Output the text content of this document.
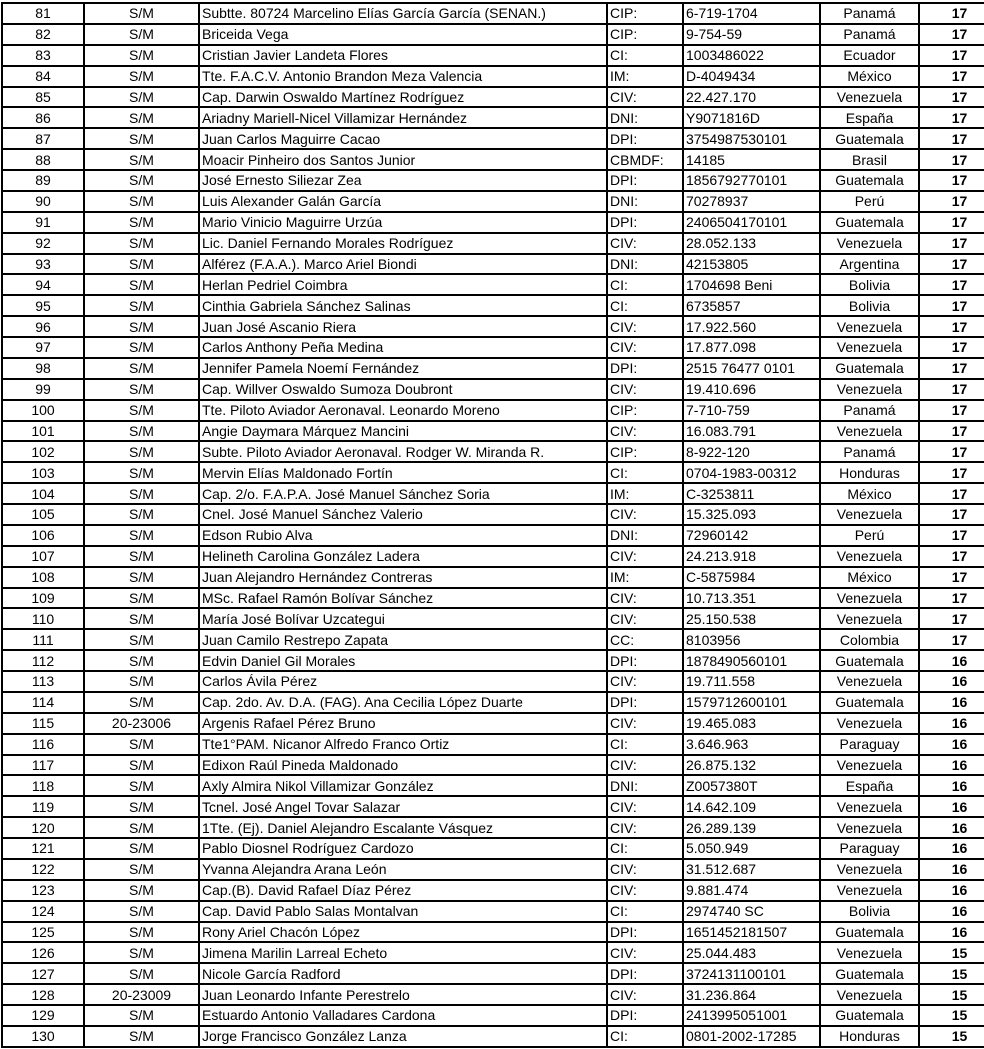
81	S/M	Subtte. 80724 Marcelino Elías García García (SENAN.)	CIP:	6-719-1704	Panamá	17
82	S/M	Briceida Vega	CIP:	9-754-59	Panamá	17
83	S/M	Cristian Javier Landeta Flores	CI:	1003486022	Ecuador	17
84	S/M	Tte. F.A.C.V. Antonio Brandon Meza Valencia	IM:	D-4049434	México	17
85	S/M	Cap. Darwin Oswaldo Martínez Rodríguez	CIV:	22.427.170	Venezuela	17
86	S/M	Ariadny Mariell-Nicel Villamizar Hernández	DNI:	Y9071816D	España	17
87	S/M	Juan Carlos Maguirre Cacao	DPI:	3754987530101	Guatemala	17
88	S/M	Moacir Pinheiro dos Santos Junior	CBMDF:	14185	Brasil	17
89	S/M	José Ernesto Siliezar Zea	DPI:	1856792770101	Guatemala	17
90	S/M	Luis Alexander Galán García	DNI:	70278937	Perú	17
91	S/M	Mario Vinicio Maguirre Urzúa	DPI:	2406504170101	Guatemala	17
92	S/M	Lic. Daniel Fernando Morales Rodríguez	CIV:	28.052.133	Venezuela	17
93	S/M	Alférez (F.A.A.). Marco Ariel Biondi	DNI:	42153805	Argentina	17
94	S/M	Herlan Pedriel Coimbra	CI:	1704698 Beni	Bolivia	17
95	S/M	Cinthia Gabriela Sánchez Salinas	CI:	6735857	Bolivia	17
96	S/M	Juan José Ascanio Riera	CIV:	17.922.560	Venezuela	17
97	S/M	Carlos Anthony Peña Medina	CIV:	17.877.098	Venezuela	17
98	S/M	Jennifer Pamela Noemí Fernández	DPI:	2515 76477 0101	Guatemala	17
99	S/M	Cap. Willver Oswaldo Sumoza Doubront	CIV:	19.410.696	Venezuela	17
100	S/M	Tte. Piloto Aviador Aeronaval. Leonardo Moreno	CIP:	7-710-759	Panamá	17
101	S/M	Angie Daymara Márquez Mancini	CIV:	16.083.791	Venezuela	17
102	S/M	Subte. Piloto Aviador Aeronaval. Rodger W. Miranda R.	CIP:	8-922-120	Panamá	17
103	S/M	Mervin Elías Maldonado Fortín	CI:	0704-1983-00312	Honduras	17
104	S/M	Cap. 2/o. F.A.P.A. José Manuel Sánchez Soria	IM:	C-3253811	México	17
105	S/M	Cnel. José Manuel Sánchez Valerio	CIV:	15.325.093	Venezuela	17
106	S/M	Edson Rubio Alva	DNI:	72960142	Perú	17
107	S/M	Helineth Carolina González Ladera	CIV:	24.213.918	Venezuela	17
108	S/M	Juan Alejandro Hernández Contreras	IM:	C-5875984	México	17
109	S/M	MSc. Rafael Ramón Bolívar Sánchez	CIV:	10.713.351	Venezuela	17
110	S/M	María José Bolívar Uzcategui	CIV:	25.150.538	Venezuela	17
111	S/M	Juan Camilo Restrepo Zapata	CC:	8103956	Colombia	17
112	S/M	Edvin Daniel Gil Morales	DPI:	1878490560101	Guatemala	16
113	S/M	Carlos Ávila Pérez	CIV:	19.711.558	Venezuela	16
114	S/M	Cap. 2do. Av. D.A. (FAG). Ana Cecilia López Duarte	DPI:	1579712600101	Guatemala	16
115	20-23006	Argenis Rafael Pérez Bruno	CIV:	19.465.083	Venezuela	16
116	S/M	Tte1°PAM. Nicanor Alfredo Franco Ortiz	CI:	3.646.963	Paraguay	16
117	S/M	Edixon Raúl Pineda Maldonado	CIV:	26.875.132	Venezuela	16
118	S/M	Axly Almira Nikol Villamizar González	DNI:	Z0057380T	España	16
119	S/M	Tcnel. José Angel Tovar Salazar	CIV:	14.642.109	Venezuela	16
120	S/M	1Tte. (Ej). Daniel Alejandro Escalante Vásquez	CIV:	26.289.139	Venezuela	16
121	S/M	Pablo Diosnel Rodríguez Cardozo	CI:	5.050.949	Paraguay	16
122	S/M	Yvanna Alejandra Arana León	CIV:	31.512.687	Venezuela	16
123	S/M	Cap.(B). David Rafael Díaz Pérez	CIV:	9.881.474	Venezuela	16
124	S/M	Cap. David Pablo Salas Montalvan	CI:	2974740 SC	Bolivia	16
125	S/M	Rony Ariel Chacón López	DPI:	1651452181507	Guatemala	16
126	S/M	Jimena Marilin Larreal Echeto	CIV:	25.044.483	Venezuela	15
127	S/M	Nicole García Radford	DPI:	3724131100101	Guatemala	15
128	20-23009	Juan Leonardo Infante Perestrelo	CIV:	31.236.864	Venezuela	15
129	S/M	Estuardo Antonio Valladares Cardona	DPI:	2413995051001	Guatemala	15
130	S/M	Jorge Francisco González Lanza	CI:	0801-2002-17285	Honduras	15
